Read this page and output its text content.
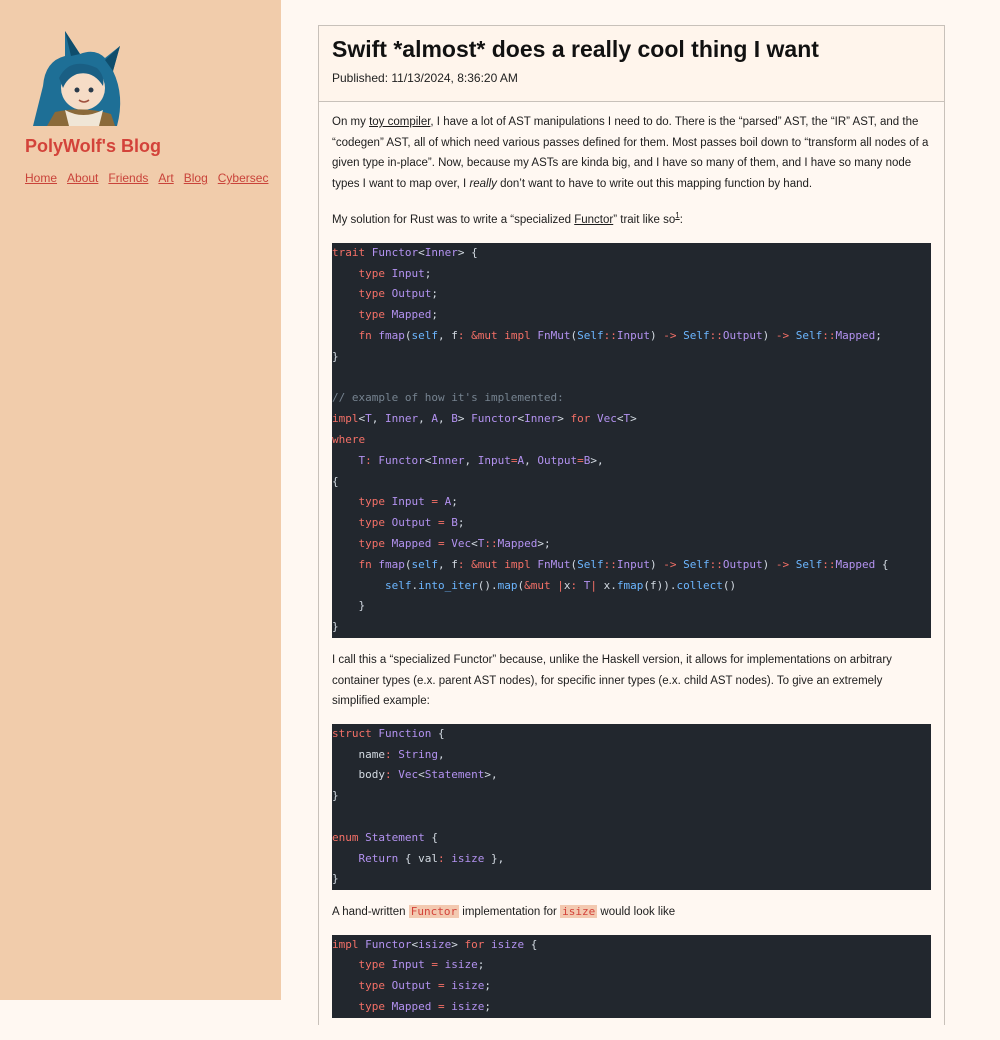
PolyWolf's Blog
Home About Friends Art Blog Cybersec
Swift *almost* does a really cool thing I want
Published: 11/13/2024, 8:36:20 AM

On my toy compiler, I have a lot of AST manipulations I need to do. There is the “parsed” AST, the “IR” AST, and the “codegen” AST, all of which need various passes defined for them. Most passes boil down to “transform all nodes of a given type in-place”. Now, because my ASTs are kinda big, and I have so many of them, and I have so many node types I want to map over, I really don’t want to have to write out this mapping function by hand.

My solution for Rust was to write a “specialized Functor” trait like $so^1$:

trait Functor<Inner> {
type Input;
type Output;
type Mapped;
fn fmap(self, f: &mut impl FnMut(Self::Input) -> Self::Output) -> Self::Mapped;
}
// example of how it's implemented:
impl<T, Inner, A, B> Functor<Inner> for Vec<T>
where
T: Functor<Inner, Input=A, Output=B>,
{
type Input = A;
type Output = B;
type Mapped = Vec<T::Mapped>;
fn fmap(self, f: &mut impl FnMut(Self::Input) -> Self::Output) -> Self::Mapped {
self.into_iter().map(&mut |x: T| x.fmap(f)).collect()
}
}

I call this a “specialized Functor” because, unlike the Haskell version, it allows for implementations on arbitrary container types (e.x. parent AST nodes), for specific inner types (e.x. child AST nodes). To give an extremely simplified example:

struct Function {
name: String,
body: Vec<Statement>,
}
enum Statement {
Return { val: isize },
}

A hand-written Functor implementation for isize would look like

impl Functor<isize> for isize {
type Input = isize;
type Output = isize;
type Mapped = isize;
